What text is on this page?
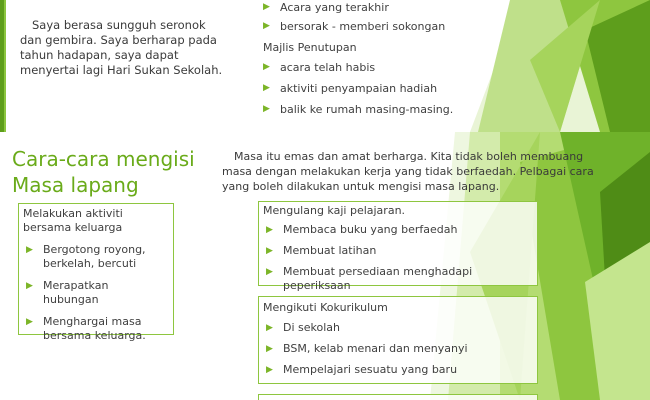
Saya berasa sungguh seronok dan gembira. Saya berharap pada tahun hadapan, saya dapat menyertai lagi Hari Sukan Sekolah.

▶ Acara yang terakhir
▶ bersorak - memberi sokongan
Majlis Penutupan
▶ acara telah habis
▶ aktiviti penyampaian hadiah
▶ balik ke rumah masing-masing.
Cara-cara mengisi
Masa lapang

Masa itu emas dan amat berharga. Kita tidak boleh membuang masa dengan melakukan kerja yang tidak berfaedah. Pelbagai cara yang boleh dilakukan untuk mengisi masa lapang.

Melakukan aktiviti bersama keluarga
▶ Bergotong royong, berkelah, bercuti
▶ Merapatkan hubungan
▶ Menghargai masa bersama keluarga.
Mengulang kaji pelajaran.
▶ Membaca buku yang berfaedah
▶ Membuat latihan
▶ Membuat persediaan menghadapi peperiksaan
Mengikuti Kokurikulum
▶ Di sekolah
▶ BSM, kelab menari dan menyanyi
▶ Mempelajari sesuatu yang baru
